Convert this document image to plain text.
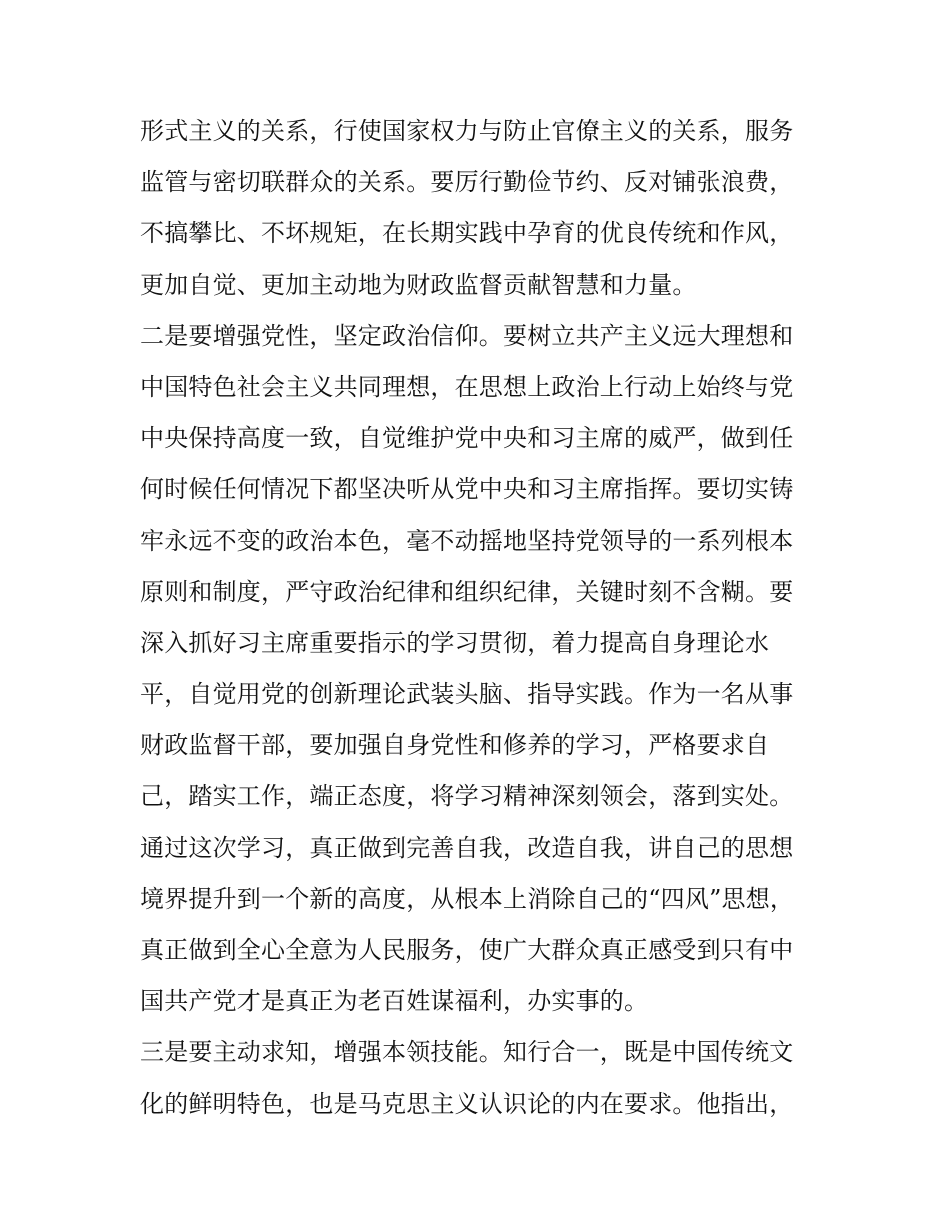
形式主义的关系，行使国家权力与防止官僚主义的关系，服务
监管与密切联群众的关系。要厉行勤俭节约、反对铺张浪费，
不搞攀比、不坏规矩，在长期实践中孕育的优良传统和作风，
更加自觉、更加主动地为财政监督贡献智慧和力量。
二是要增强党性，坚定政治信仰。要树立共产主义远大理想和
中国特色社会主义共同理想，在思想上政治上行动上始终与党
中央保持高度一致，自觉维护党中央和习主席的威严，做到任
何时候任何情况下都坚决听从党中央和习主席指挥。要切实铸
牢永远不变的政治本色，毫不动摇地坚持党领导的一系列根本
原则和制度，严守政治纪律和组织纪律，关键时刻不含糊。要
深入抓好习主席重要指示的学习贯彻，着力提高自身理论水
平，自觉用党的创新理论武装头脑、指导实践。作为一名从事
财政监督干部，要加强自身党性和修养的学习，严格要求自
己，踏实工作，端正态度，将学习精神深刻领会，落到实处。
通过这次学习，真正做到完善自我，改造自我，讲自己的思想
境界提升到一个新的高度，从根本上消除自己的“四风”思想，
真正做到全心全意为人民服务，使广大群众真正感受到只有中
国共产党才是真正为老百姓谋福利，办实事的。
三是要主动求知，增强本领技能。知行合一，既是中国传统文
化的鲜明特色，也是马克思主义认识论的内在要求。他指出，
